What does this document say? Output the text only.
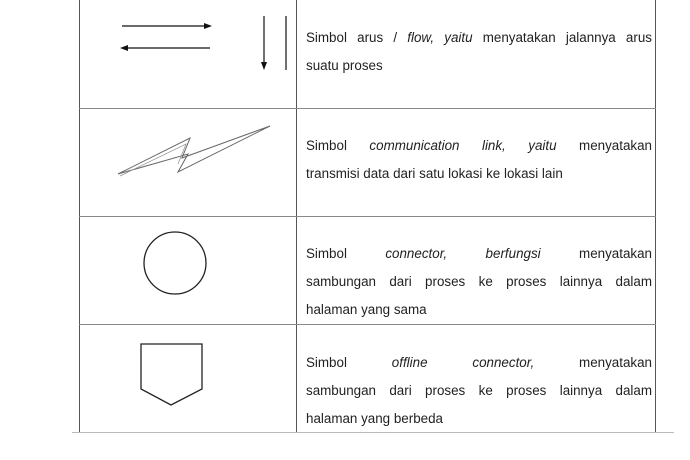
Simbol arus / flow, yaitu menyatakan jalannya arus

suatu proses

Simbol communication link, yaitu menyatakan

transmisi data dari satu lokasi ke lokasi lain

Simbol connector, berfungsi menyatakan

sambungan dari proses ke proses lainnya dalam

halaman yang sama

Simbol offline connector, menyatakan

sambungan dari proses ke proses lainnya dalam

halaman yang berbeda
